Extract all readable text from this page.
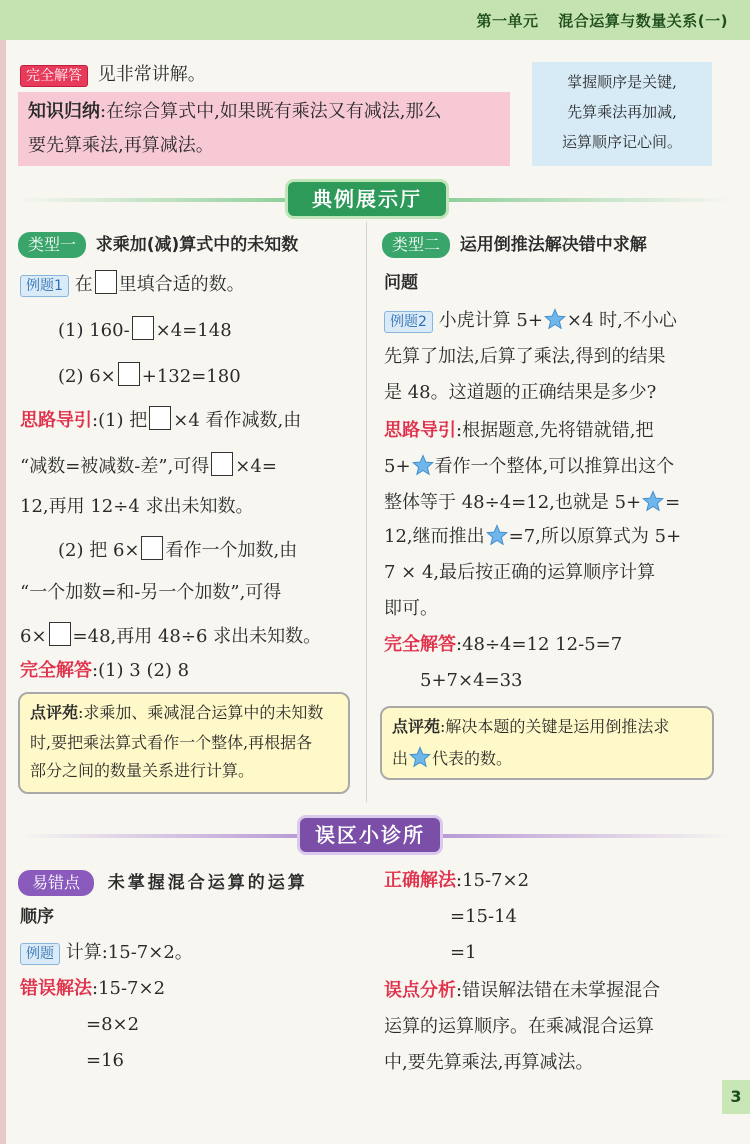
第一单元 混合运算与数量关系(一)
完全解答 见非常讲解。
知识归纳:在综合算式中,如果既有乘法又有减法,那么
要先算乘法,再算减法。
掌握顺序是关键,
先算乘法再加减,
运算顺序记心间。
典例展示厅
类型一 求乘加(减)算式中的未知数
例题1 在 里填合适的数。
(1) 160- ×4=148
(2) 6× +132=180
思路导引:(1) 把 ×4 看作减数,由
“减数=被减数-差”,可得 ×4=
12,再用 12÷4 求出未知数。
(2) 把 6× 看作一个加数,由
“一个加数=和-另一个加数”,可得
6× =48,再用 48÷6 求出未知数。
完全解答:(1) 3 (2) 8
点评苑:求乘加、乘减混合运算中的未知数
时,要把乘法算式看作一个整体,再根据各
部分之间的数量关系进行计算。
类型二 运用倒推法解决错中求解
问题
例题2 小虎计算 5+ ×4 时,不小心
先算了加法,后算了乘法,得到的结果
是 48。这道题的正确结果是多少?
思路导引:根据题意,先将错就错,把
5+ 看作一个整体,可以推算出这个
整体等于 48÷4=12,也就是 5+ =
12,继而推出 =7,所以原算式为 5+
7 × 4,最后按正确的运算顺序计算
即可。
完全解答:48÷4=12 12-5=7
5+7×4=33
点评苑:解决本题的关键是运用倒推法求
出 代表的数。
误区小诊所
易错点 未掌握混合运算的运算
顺序
例题 计算:15-7×2。
错误解法:15-7×2
=8×2
=16
正确解法:15-7×2
=15-14
=1
误点分析:错误解法错在未掌握混合
运算的运算顺序。在乘减混合运算
中,要先算乘法,再算减法。
3
